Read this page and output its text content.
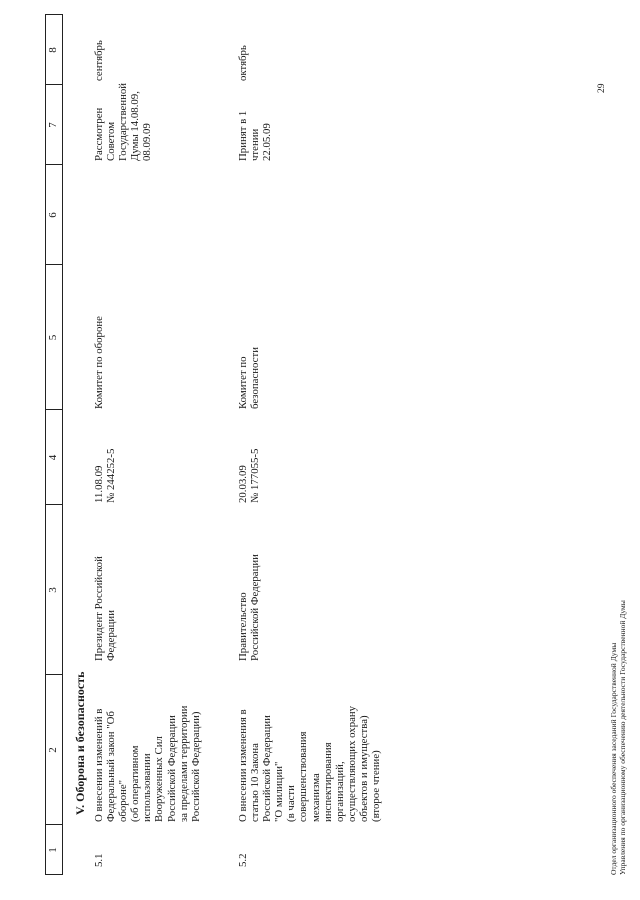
1
2
3
4
5
6
7
8
V. Оборона и безопасность
5.1
О внесении изменений в
Федеральный закон "Об
обороне"
(об оперативном
использовании
Вооруженных Сил
Российской Федерации
за пределами территории
Российской Федерации)
Президент Российской
Федерации
11.08.09
№ 244252-5
Комитет по обороне
Рассмотрен
Советом
Государственной
Думы 14.08.09,
08.09.09
сентябрь
5.2
О внесении изменения в
статью 10 Закона
Российской Федерации
"О милиции"
(в части
совершенствования
механизма
инспектирования
организаций,
осуществляющих охрану
объектов и имущества)
(второе чтение)
Правительство
Российской Федерации
20.03.09
№ 177055-5
Комитет по
безопасности
Принят в 1 чтении
22.05.09
октябрь
Отдел организационного обеспечения заседаний Государственной Думы
Управления по организационному обеспечению деятельности Государственной Думы
29
